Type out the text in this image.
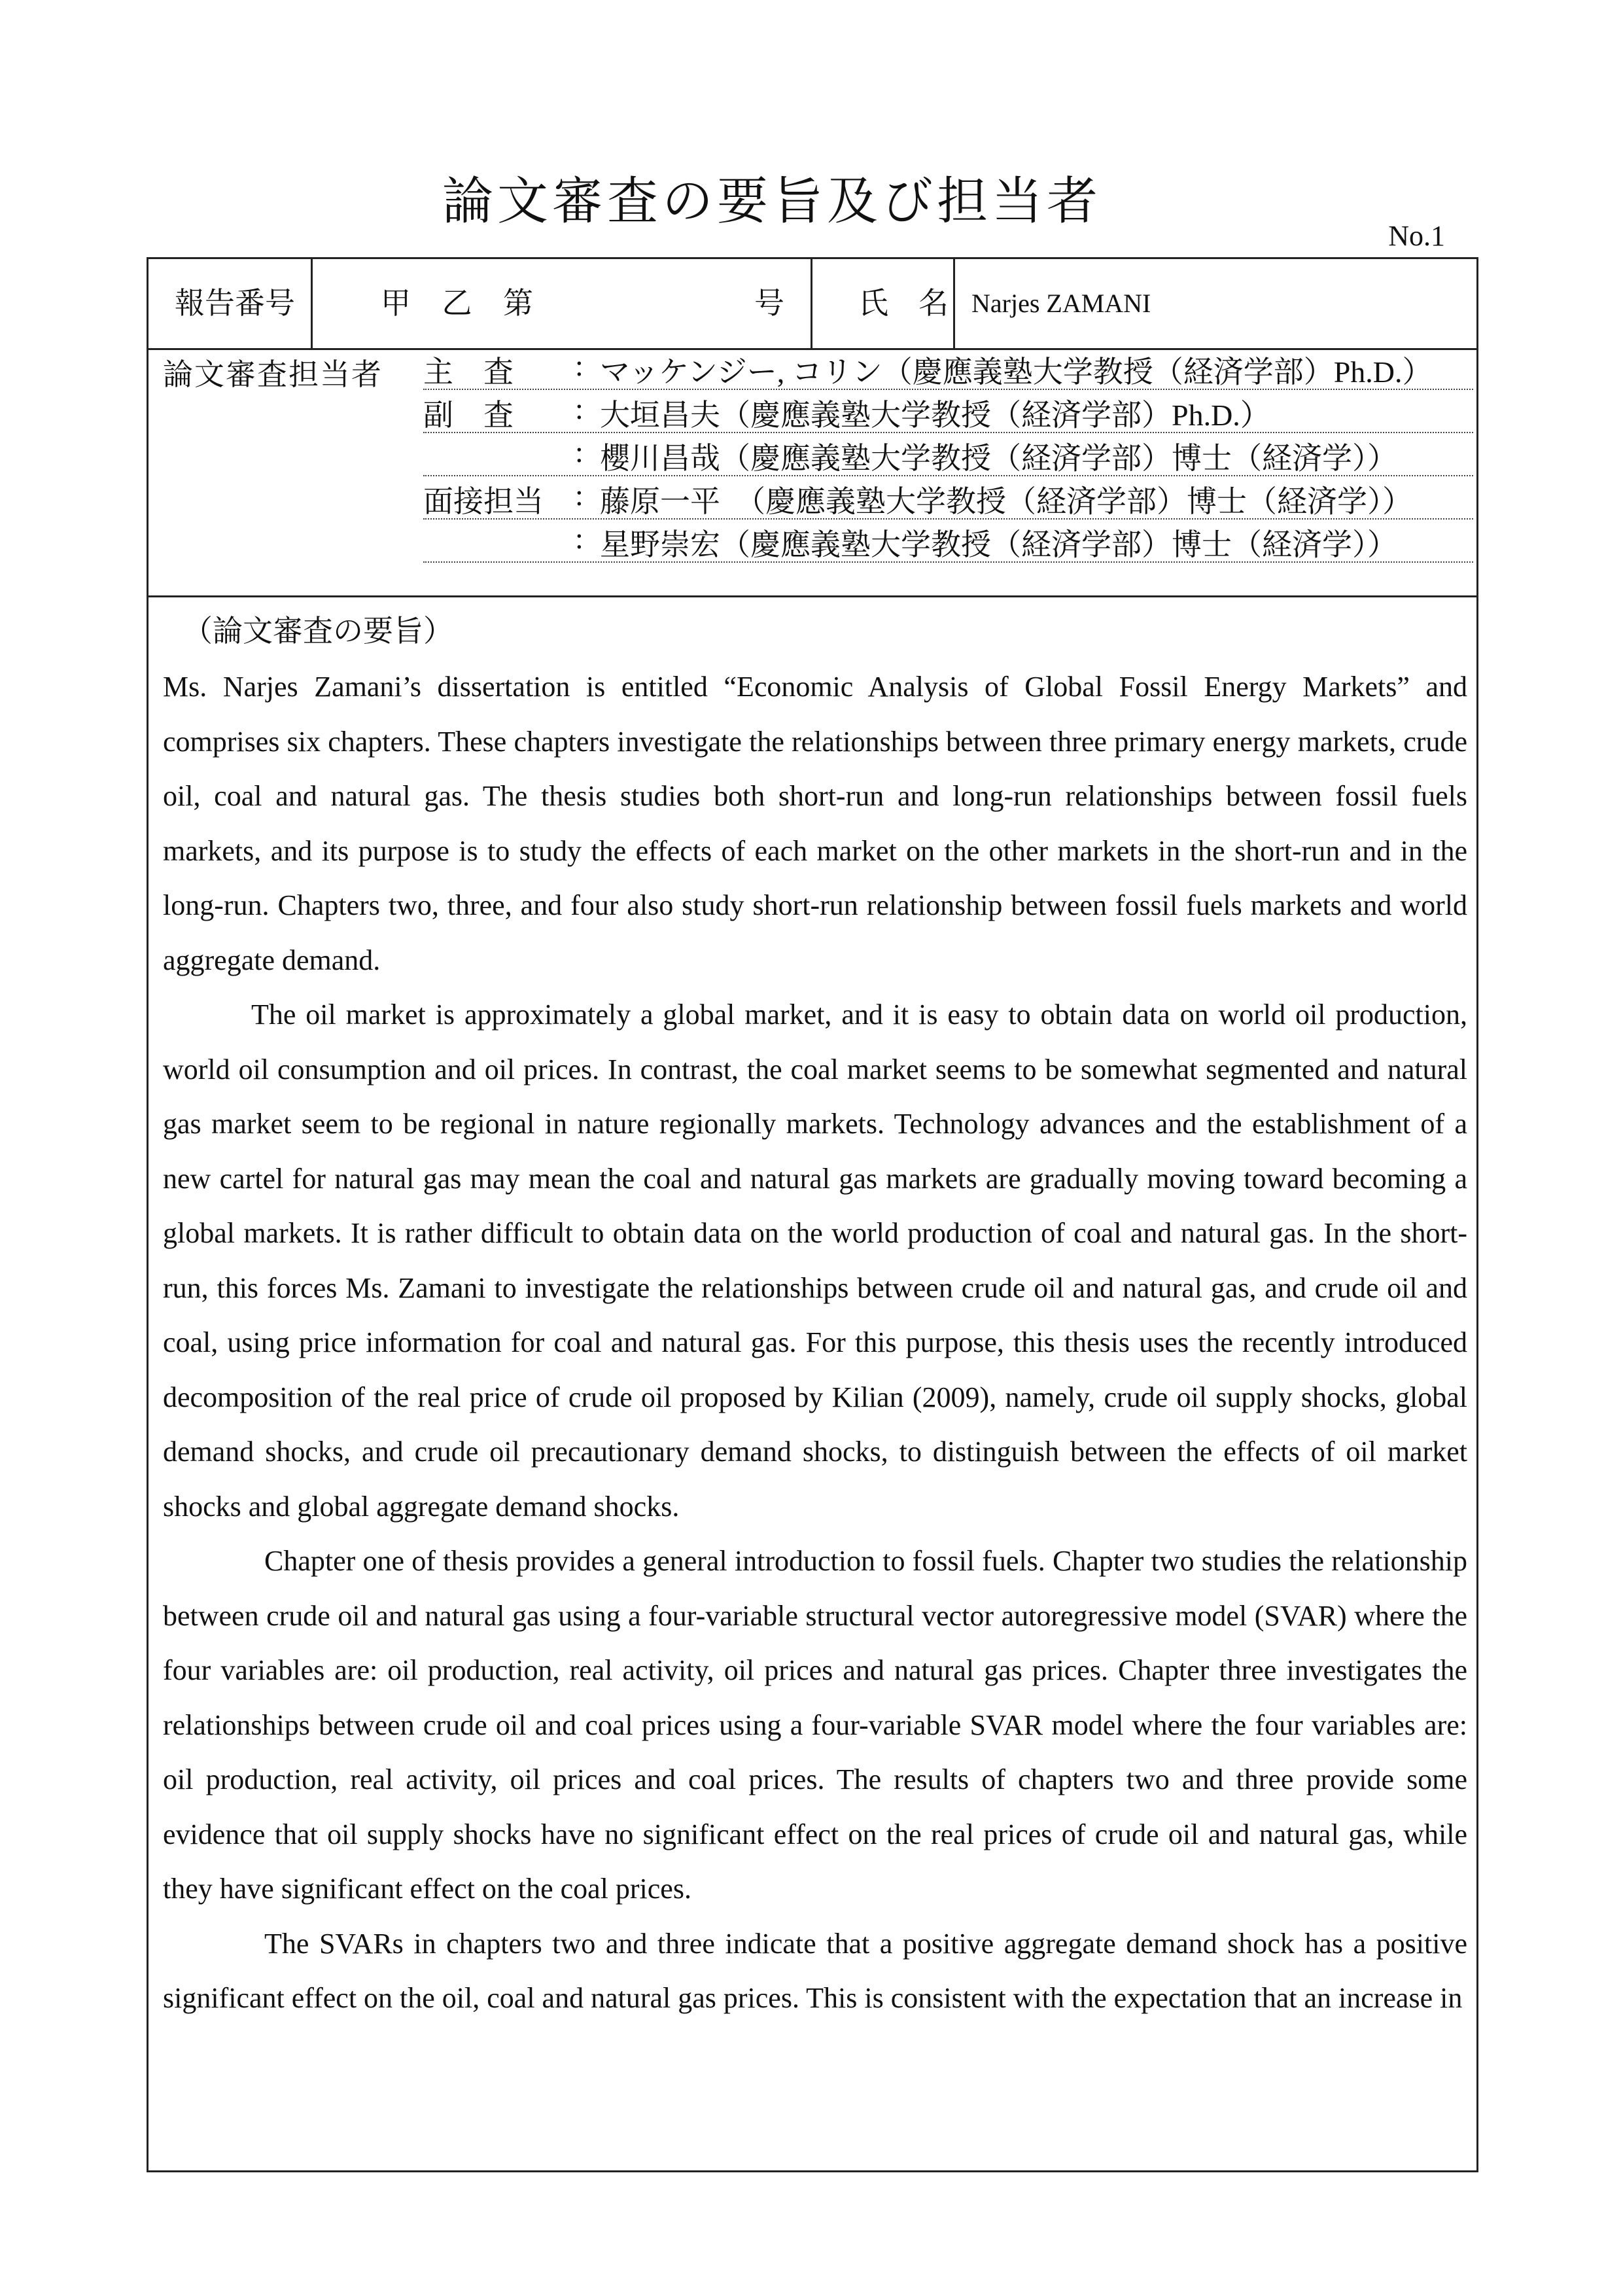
論文審査の要旨及び担当者
No.1
報告番号	甲 乙 第　　　　　号 氏　名 Narjes ZAMANI
論文審査担当者 主　査 : マッケンジー, コリン（慶應義塾大学教授（経済学部）Ph.D.）
副　査 : 大垣昌夫（慶應義塾大学教授（経済学部）Ph.D.）
: 櫻川昌哉（慶應義塾大学教授（経済学部）博士（経済学））
面接担当 : 藤原一平　（慶應義塾大学教授（経済学部）博士（経済学））
: 星野崇宏（慶應義塾大学教授（経済学部）博士（経済学））
（論文審査の要旨）

Ms. Narjes Zamani’s dissertation is entitled “Economic Analysis of Global Fossil Energy Markets” and comprises six chapters. These chapters investigate the relationships between three primary energy markets, crude oil, coal and natural gas. The thesis studies both short-run and long-run relationships between fossil fuels markets, and its purpose is to study the effects of each market on the other markets in the short-run and in the long-run. Chapters two, three, and four also study short-run relationship between fossil fuels markets and world aggregate demand.

The oil market is approximately a global market, and it is easy to obtain data on world oil production, world oil consumption and oil prices. In contrast, the coal market seems to be somewhat segmented and natural gas market seem to be regional in nature regionally markets. Technology advances and the establishment of a new cartel for natural gas may mean the coal and natural gas markets are gradually moving toward becoming a global markets. It is rather difficult to obtain data on the world production of coal and natural gas. In the short-run, this forces Ms. Zamani to investigate the relationships between crude oil and natural gas, and crude oil and coal, using price information for coal and natural gas. For this purpose, this thesis uses the recently introduced decomposition of the real price of crude oil proposed by Kilian (2009), namely, crude oil supply shocks, global demand shocks, and crude oil precautionary demand shocks, to distinguish between the effects of oil market shocks and global aggregate demand shocks.

Chapter one of thesis provides a general introduction to fossil fuels. Chapter two studies the relationship between crude oil and natural gas using a four-variable structural vector autoregressive model (SVAR) where the four variables are: oil production, real activity, oil prices and natural gas prices. Chapter three investigates the relationships between crude oil and coal prices using a four-variable SVAR model where the four variables are: oil production, real activity, oil prices and coal prices. The results of chapters two and three provide some evidence that oil supply shocks have no significant effect on the real prices of crude oil and natural gas, while they have significant effect on the coal prices.

The SVARs in chapters two and three indicate that a positive aggregate demand shock has a positive significant effect on the oil, coal and natural gas prices. This is consistent with the expectation that an increase in
